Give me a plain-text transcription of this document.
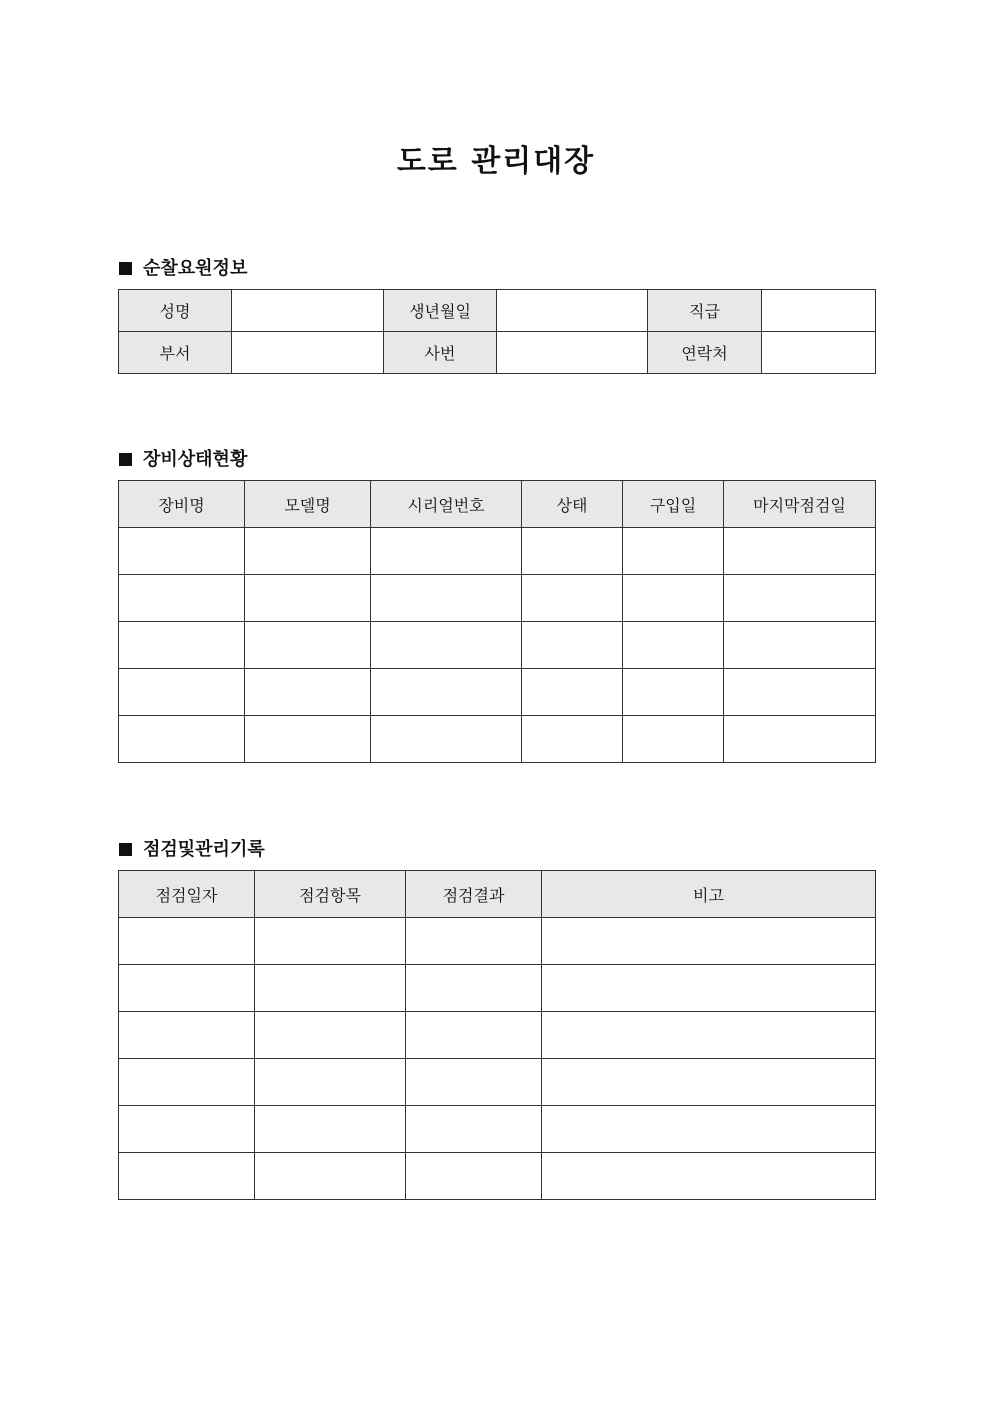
도로 관리대장
순찰요원정보
성명		생년월일		직급	
부서		사번		연락처	
장비상태현황
장비명	모델명	시리얼번호	상태	구입일	마지막점검일

점검및관리기록
점검일자	점검항목	점검결과	비고
